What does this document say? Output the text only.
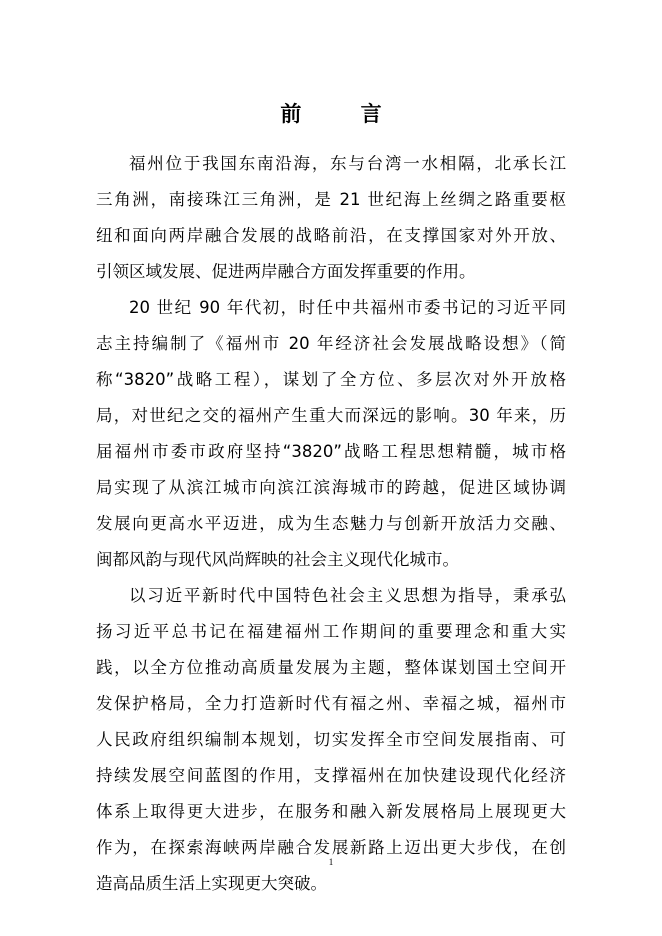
前 言
福州位于我国东南沿海，东与台湾一水相隔，北承长江
三角洲，南接珠江三角洲，是 21 世纪海上丝绸之路重要枢
纽和面向两岸融合发展的战略前沿，在支撑国家对外开放、
引领区域发展、促进两岸融合方面发挥重要的作用。
20 世纪 90 年代初，时任中共福州市委书记的习近平同
志主持编制了《福州市 20 年经济社会发展战略设想》（简
称“3820”战略工程），谋划了全方位、多层次对外开放格
局，对世纪之交的福州产生重大而深远的影响。30 年来，历
届福州市委市政府坚持“3820”战略工程思想精髓，城市格
局实现了从滨江城市向滨江滨海城市的跨越，促进区域协调
发展向更高水平迈进，成为生态魅力与创新开放活力交融、
闽都风韵与现代风尚辉映的社会主义现代化城市。
以习近平新时代中国特色社会主义思想为指导，秉承弘
扬习近平总书记在福建福州工作期间的重要理念和重大实
践，以全方位推动高质量发展为主题，整体谋划国土空间开
发保护格局，全力打造新时代有福之州、幸福之城，福州市
人民政府组织编制本规划，切实发挥全市空间发展指南、可
持续发展空间蓝图的作用，支撑福州在加快建设现代化经济
体系上取得更大进步，在服务和融入新发展格局上展现更大
作为，在探索海峡两岸融合发展新路上迈出更大步伐，在创
造高品质生活上实现更大突破。
1
